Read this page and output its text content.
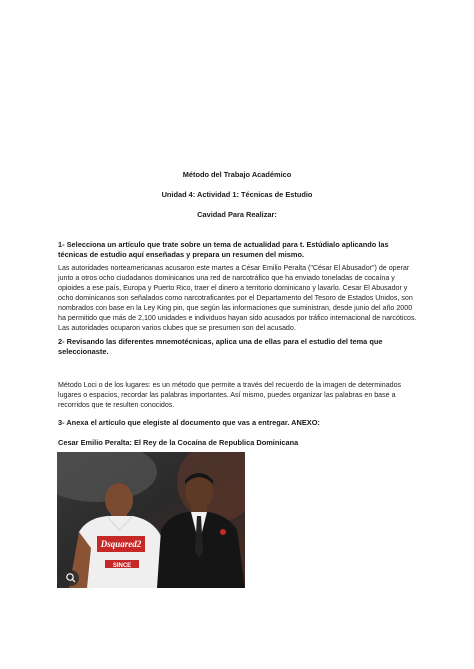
Método del Trabajo Académico
Unidad 4: Actividad 1: Técnicas de Estudio
Cavidad Para Realizar:
1- Selecciona un artículo que trate sobre un tema de actualidad para t. Estúdialo aplicando las técnicas de estudio aquí enseñadas y prepara un resumen del mismo.
Las autoridades norteamericanas acusaron este martes a César Emilio Peralta ("César El Abusador") de operar junto a otros ocho ciudadanos dominicanos una red de narcotráfico que ha enviado toneladas de cocaína y opioides a ese país, Europa y Puerto Rico, traer el dinero a territorio dominicano y lavarlo. Cesar El Abusador y ocho dominicanos son señalados como narcotraficantes por el Departamento del Tesoro de Estados Unidos, son nombrados con base en la Ley King pin, que según las informaciones que suministran, desde junio del año 2000 ha permitido que más de 2,100 unidades e individuos hayan sido acusados por tráfico internacional de narcóticos. Las autoridades ocuparon varios clubes que se presumen son del acusado.
2- Revisando las diferentes mnemotécnicas, aplica una de ellas para el estudio del tema que seleccionaste.
Método Loci o de los lugares: es un método que permite a través del recuerdo de la imagen de determinados lugares o espacios, recordar las palabras importantes. Así mismo, puedes organizar las palabras en base a recorridos que te resulten conocidos.
3- Anexa el artículo que elegiste al documento que vas a entregar. ANEXO:
Cesar Emilio Peralta: El Rey de la Cocaína de Republica Dominicana
Dsquared2
SINCE
